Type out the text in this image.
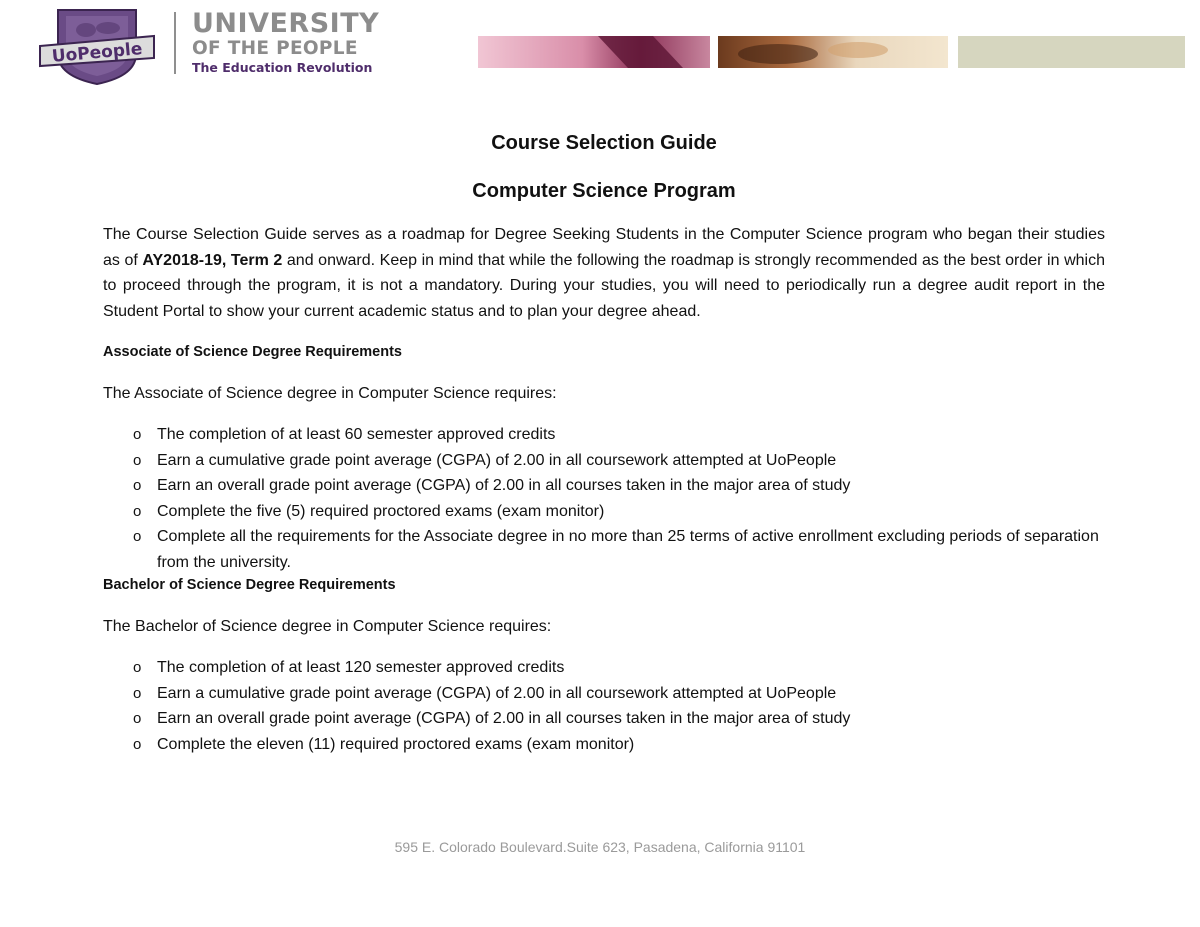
UoPeople
UNIVERSITY
OF THE PEOPLE
The Education Revolution
Course Selection Guide
Computer Science Program

The Course Selection Guide serves as a roadmap for Degree Seeking Students in the Computer Science program who began their studies as of AY2018-19, Term 2 and onward. Keep in mind that while the following the roadmap is strongly recommended as the best order in which to proceed through the program, it is not a mandatory. During your studies, you will need to periodically run a degree audit report in the Student Portal to show your current academic status and to plan your degree ahead.

Associate of Science Degree Requirements

The Associate of Science degree in Computer Science requires:

o The completion of at least 60 semester approved credits
o Earn a cumulative grade point average (CGPA) of 2.00 in all coursework attempted at UoPeople
o Earn an overall grade point average (CGPA) of 2.00 in all courses taken in the major area of study
o Complete the five (5) required proctored exams (exam monitor)
o Complete all the requirements for the Associate degree in no more than 25 terms of active enrollment excluding periods of separation from the university.

Bachelor of Science Degree Requirements

The Bachelor of Science degree in Computer Science requires:

o The completion of at least 120 semester approved credits
o Earn a cumulative grade point average (CGPA) of 2.00 in all coursework attempted at UoPeople
o Earn an overall grade point average (CGPA) of 2.00 in all courses taken in the major area of study
o Complete the eleven (11) required proctored exams (exam monitor)
595 E. Colorado Boulevard.Suite 623, Pasadena, California 91101
